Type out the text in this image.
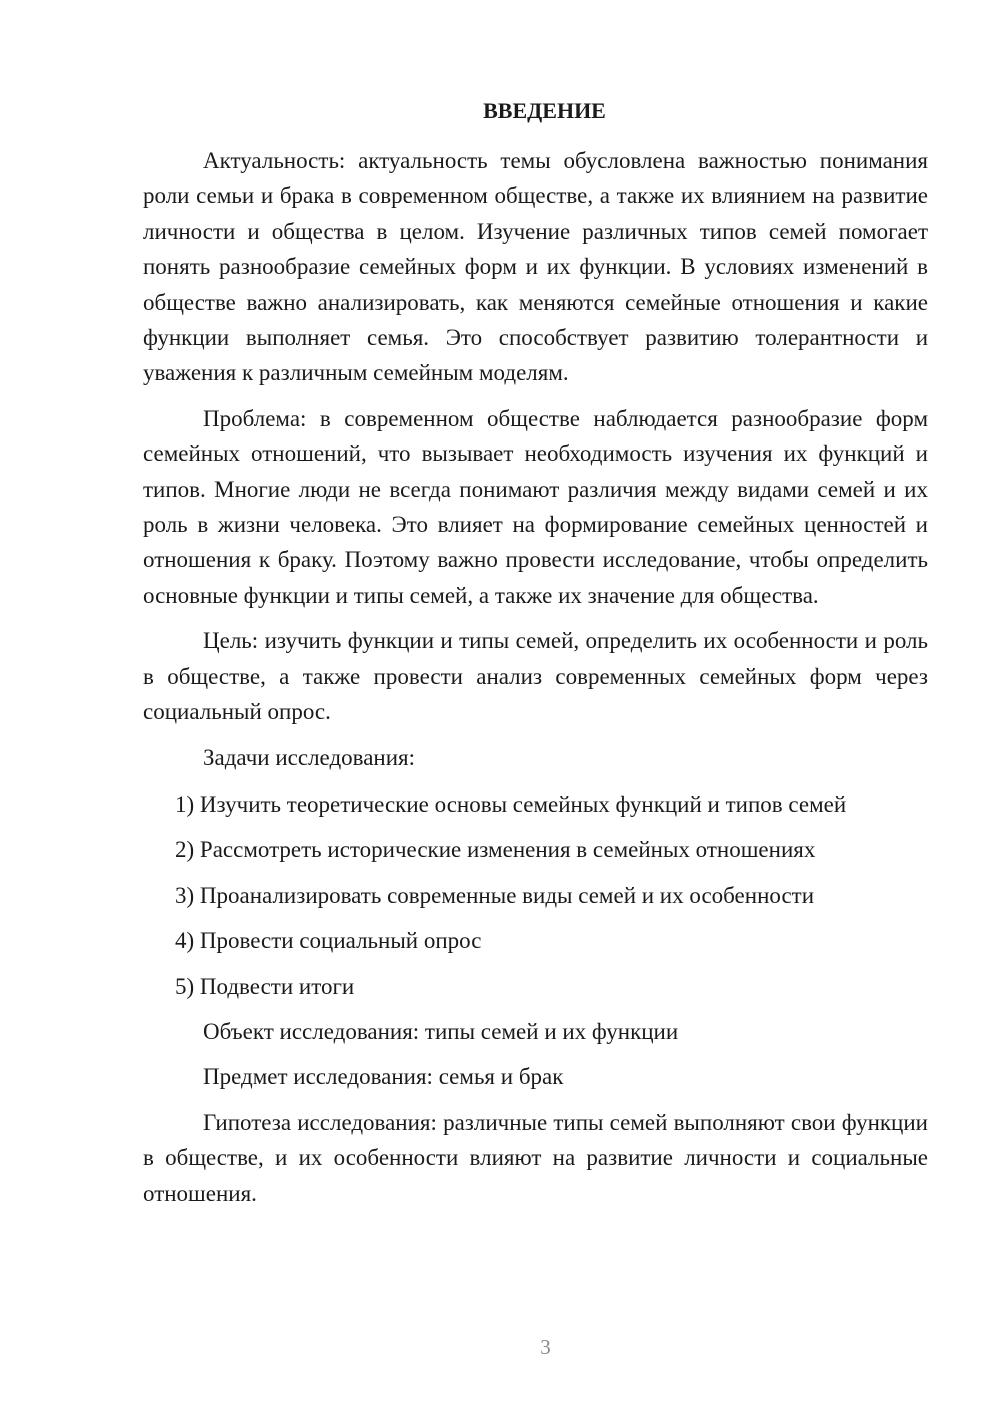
ВВЕДЕНИЕ

Актуальность: актуальность темы обусловлена важностью понимания роли семьи и брака в современном обществе, а также их влиянием на развитие личности и общества в целом. Изучение различных типов семей помогает понять разнообразие семейных форм и их функции. В условиях изменений в обществе важно анализировать, как меняются семейные отношения и какие функции выполняет семья. Это способствует развитию толерантности и уважения к различным семейным моделям.

Проблема: в современном обществе наблюдается разнообразие форм семейных отношений, что вызывает необходимость изучения их функций и типов. Многие люди не всегда понимают различия между видами семей и их роль в жизни человека. Это влияет на формирование семейных ценностей и отношения к браку. Поэтому важно провести исследование, чтобы определить основные функции и типы семей, а также их значение для общества.

Цель: изучить функции и типы семей, определить их особенности и роль в обществе, а также провести анализ современных семейных форм через социальный опрос.

Задачи исследования:

1) Изучить теоретические основы семейных функций и типов семей

2) Рассмотреть исторические изменения в семейных отношениях

3) Проанализировать современные виды семей и их особенности

4) Провести социальный опрос

5) Подвести итоги

Объект исследования: типы семей и их функции

Предмет исследования: семья и брак

Гипотеза исследования: различные типы семей выполняют свои функции в обществе, и их особенности влияют на развитие личности и социальные отношения.

3
